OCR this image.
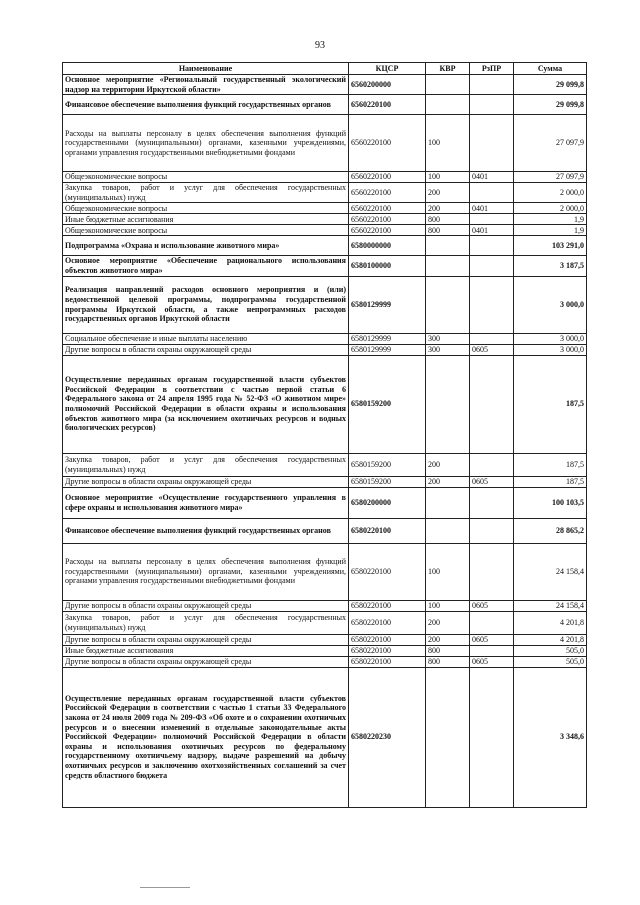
93
Наименование	КЦСР	КВР	РзПР	Сумма
Основное мероприятие «Региональный государственный экологический надзор на территории Иркутской области»	6560200000			29 099,8
Финансовое обеспечение выполнения функций государственных органов	6560220100			29 099,8
Расходы на выплаты персоналу в целях обеспечения выполнения функций государственными (муниципальными) органами, казенными учреждениями, органами управления государственными внебюджетными фондами	6560220100	100		27 097,9
Общеэкономические вопросы	6560220100	100	0401	27 097,9
Закупка товаров, работ и услуг для обеспечения государственных (муниципальных) нужд	6560220100	200		2 000,0
Общеэкономические вопросы	6560220100	200	0401	2 000,0
Иные бюджетные ассигнования	6560220100	800		1,9
Общеэкономические вопросы	6560220100	800	0401	1,9
Подпрограмма «Охрана и использование животного мира»	6580000000			103 291,0
Основное мероприятие «Обеспечение рационального использования объектов животного мира»	6580100000			3 187,5
Реализация направлений расходов основного мероприятия и (или) ведомственной целевой программы, подпрограммы государственной программы Иркутской области, а также непрограммных расходов государственных органов Иркутской области	6580129999			3 000,0
Социальное обеспечение и иные выплаты населению	6580129999	300		3 000,0
Другие вопросы в области охраны окружающей среды	6580129999	300	0605	3 000,0
Осуществление переданных органам государственной власти субъектов Российской Федерации в соответствии с частью первой статьи 6 Федерального закона от 24 апреля 1995 года № 52-ФЗ «О животном мире» полномочий Российской Федерации в области охраны и использования объектов животного мира (за исключением охотничьих ресурсов и водных биологических ресурсов)	6580159200			187,5
Закупка товаров, работ и услуг для обеспечения государственных (муниципальных) нужд	6580159200	200		187,5
Другие вопросы в области охраны окружающей среды	6580159200	200	0605	187,5
Основное мероприятие «Осуществление государственного управления в сфере охраны и использования животного мира»	6580200000			100 103,5
Финансовое обеспечение выполнения функций государственных органов	6580220100			28 865,2
Расходы на выплаты персоналу в целях обеспечения выполнения функций государственными (муниципальными) органами, казенными учреждениями, органами управления государственными внебюджетными фондами	6580220100	100		24 158,4
Другие вопросы в области охраны окружающей среды	6580220100	100	0605	24 158,4
Закупка товаров, работ и услуг для обеспечения государственных (муниципальных) нужд	6580220100	200		4 201,8
Другие вопросы в области охраны окружающей среды	6580220100	200	0605	4 201,8
Иные бюджетные ассигнования	6580220100	800		505,0
Другие вопросы в области охраны окружающей среды	6580220100	800	0605	505,0
Осуществление переданных органам государственной власти субъектов Российской Федерации в соответствии с частью 1 статьи 33 Федерального закона от 24 июля 2009 года № 209-ФЗ «Об охоте и о сохранении охотничьих ресурсов и о внесении изменений в отдельные законодательные акты Российской Федерации» полномочий Российской Федерации в области охраны и использования охотничьих ресурсов по федеральному государственному охотничьему надзору, выдаче разрешений на добычу охотничьих ресурсов и заключению охотхозяйственных соглашений за счет средств областного бюджета	6580220230			3 348,6
